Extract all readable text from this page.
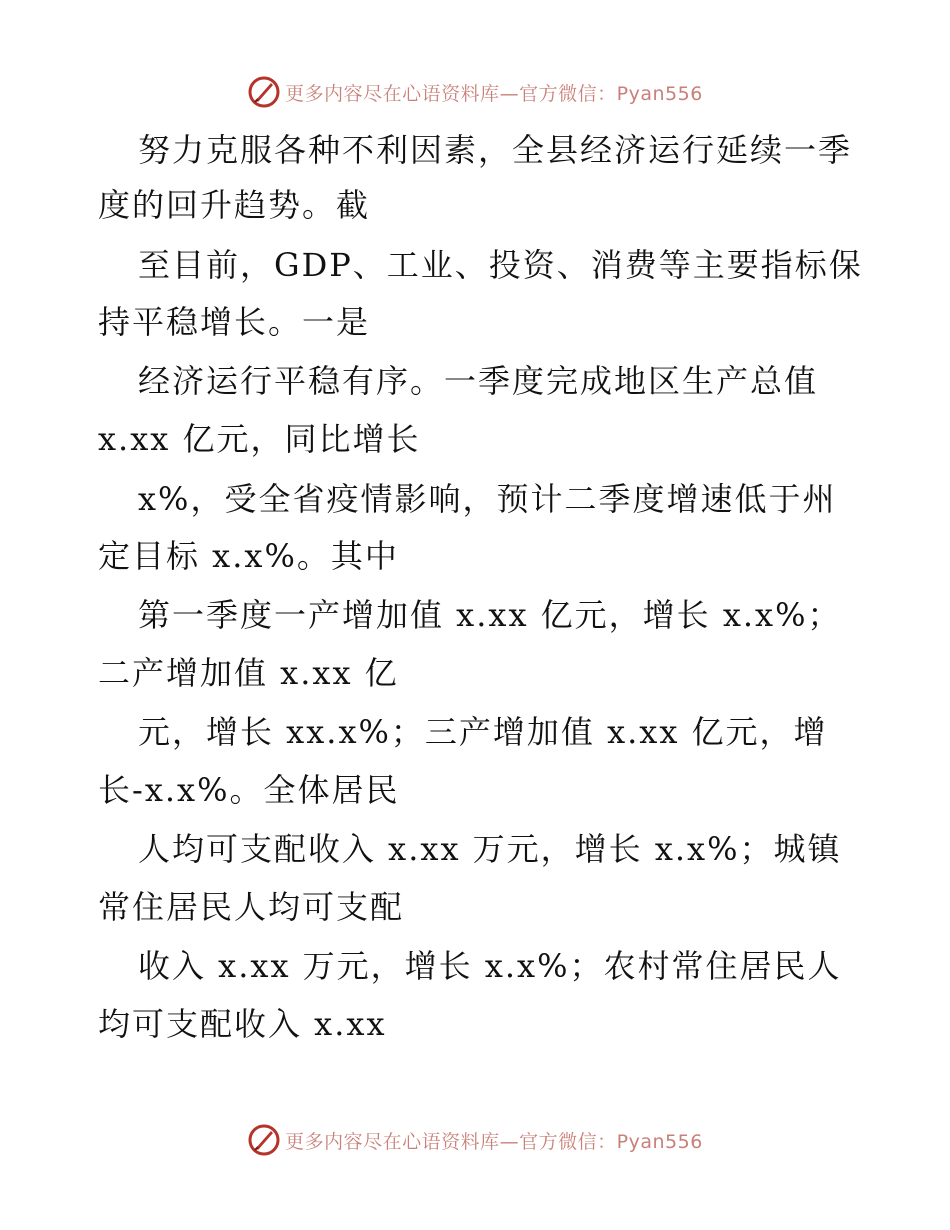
更多内容尽在心语资料库—官方微信：Pyan556
努力克服各种不利因素，全县经济运行延续一季
度的回升趋势。截
至目前，GDP、工业、投资、消费等主要指标保
持平稳增长。一是
经济运行平稳有序。一季度完成地区生产总值
x.xx 亿元，同比增长
x%，受全省疫情影响，预计二季度增速低于州
定目标 x.x%。其中
第一季度一产增加值 x.xx 亿元，增长 x.x%；
二产增加值 x.xx 亿
元，增长 xx.x%；三产增加值 x.xx 亿元，增
长-x.x%。全体居民
人均可支配收入 x.xx 万元，增长 x.x%；城镇
常住居民人均可支配
收入 x.xx 万元，增长 x.x%；农村常住居民人
均可支配收入 x.xx
更多内容尽在心语资料库—官方微信：Pyan556
